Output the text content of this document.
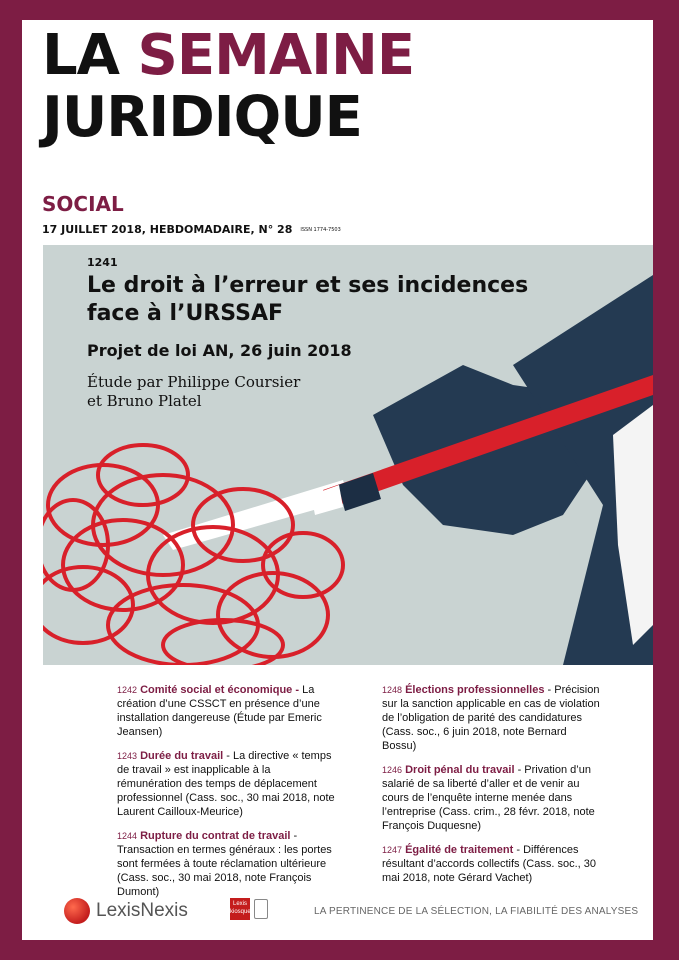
LA SEMAINE
JURIDIQUE
SOCIAL
17 JUILLET 2018, HEBDOMADAIRE, N° 28 ISSN 1774-7503
1241
Le droit à l’erreur et ses incidences face à l’URSSAF
Projet de loi AN, 26 juin 2018
Étude par Philippe Coursier
et Bruno Platel
1242 Comité social et économique - La création d’une CSSCT en présence d’une installation dangereuse (Étude par Emeric Jeansen)
1243 Durée du travail - La directive « temps de travail » est inapplicable à la rémunération des temps de déplacement professionnel (Cass. soc., 30 mai 2018, note Laurent Cailloux-Meurice)
1244 Rupture du contrat de travail - Transaction en termes généraux : les portes sont fermées à toute réclamation ultérieure (Cass. soc., 30 mai 2018, note François Dumont)
1248 Élections professionnelles - Précision sur la sanction applicable en cas de violation de l’obligation de parité des candidatures (Cass. soc., 6 juin 2018, note Bernard Bossu)
1246 Droit pénal du travail - Privation d’un salarié de sa liberté d’aller et de venir au cours de l’enquête interne menée dans l’entreprise (Cass. crim., 28 févr. 2018, note François Duquesne)
1247 Égalité de traitement - Différences résultant d’accords collectifs (Cass. soc., 30 mai 2018, note Gérard Vachet)
LexisNexis	Lexis
kiosque	LA PERTINENCE DE LA SÉLECTION, LA FIABILITÉ DES ANALYSES
